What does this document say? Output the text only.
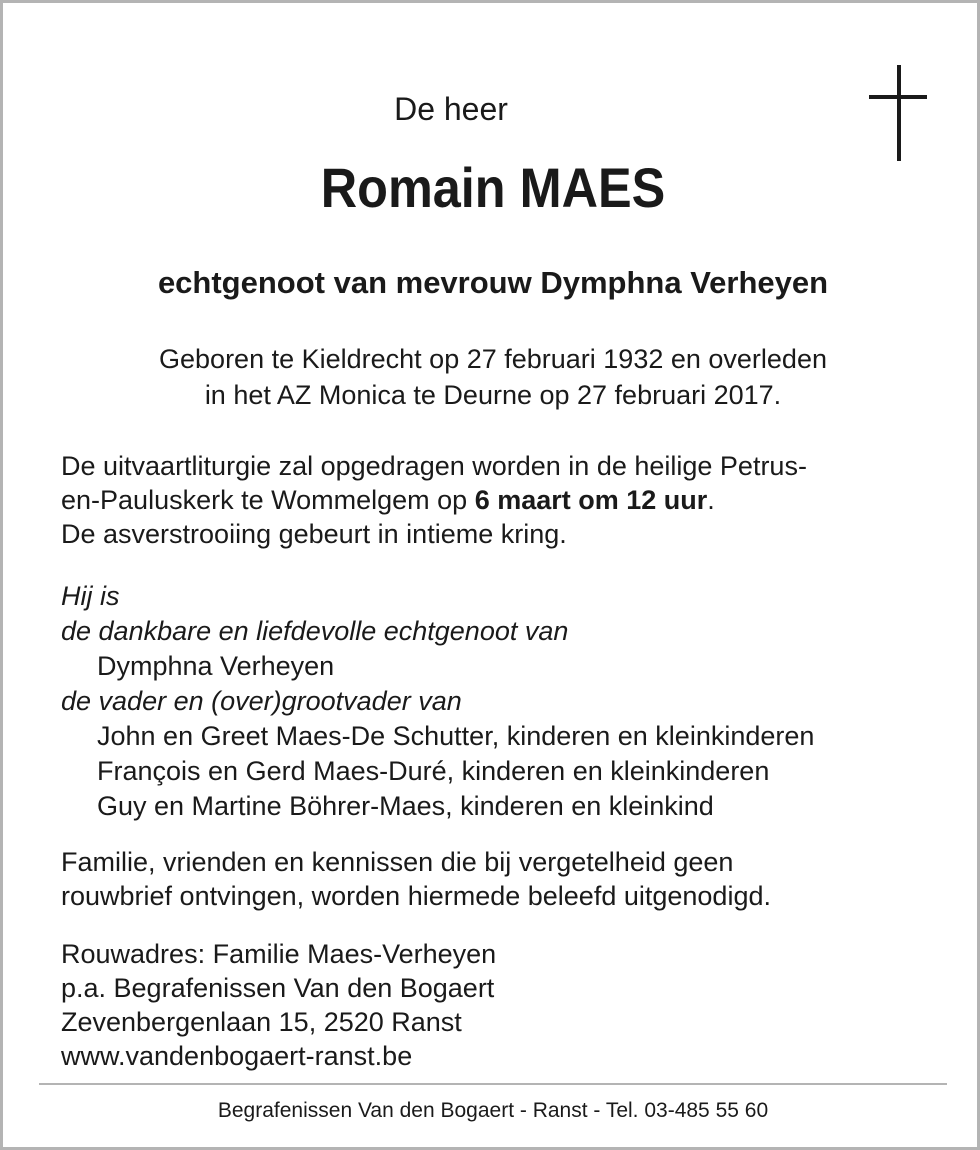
De heer
Romain MAES
echtgenoot van mevrouw Dymphna Verheyen
Geboren te Kieldrecht op 27 februari 1932 en overleden
in het AZ Monica te Deurne op 27 februari 2017.
De uitvaartliturgie zal opgedragen worden in de heilige Petrus-
en-Pauluskerk te Wommelgem op 6 maart om 12 uur.
De asverstrooiing gebeurt in intieme kring.
Hij is
de dankbare en liefdevolle echtgenoot van
Dymphna Verheyen
de vader en (over)grootvader van
John en Greet Maes-De Schutter, kinderen en kleinkinderen
François en Gerd Maes-Duré, kinderen en kleinkinderen
Guy en Martine Böhrer-Maes, kinderen en kleinkind
Familie, vrienden en kennissen die bij vergetelheid geen
rouwbrief ontvingen, worden hiermede beleefd uitgenodigd.
Rouwadres: Familie Maes-Verheyen
p.a. Begrafenissen Van den Bogaert
Zevenbergenlaan 15, 2520 Ranst
www.vandenbogaert-ranst.be
Begrafenissen Van den Bogaert - Ranst - Tel. 03-485 55 60
